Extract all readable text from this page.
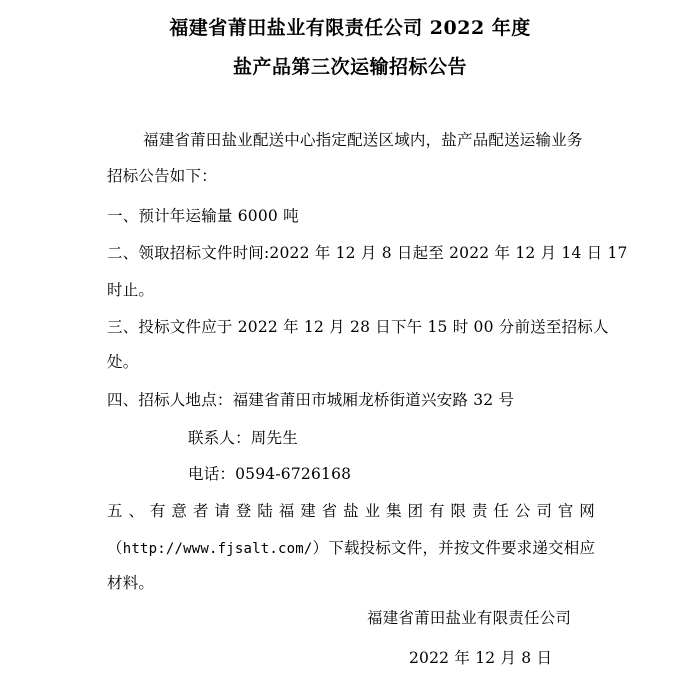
福建省莆田盐业有限责任公司 2022 年度
盐产品第三次运输招标公告
福建省莆田盐业配送中心指定配送区域内，盐产品配送运输业务
招标公告如下：
一、预计年运输量 6000 吨
二、领取招标文件时间:2022 年 12 月 8 日起至 2022 年 12 月 14 日 17
时止。
三、投标文件应于 2022 年 12 月 28 日下午 15 时 00 分前送至招标人
处。
四、招标人地点：福建省莆田市城厢龙桥街道兴安路 32 号
联系人：周先生
电话：0594-6726168
五、有意者请登陆福建省盐业集团有限责任公司官网
（http://www.fjsalt.com/）下载投标文件，并按文件要求递交相应
材料。
福建省莆田盐业有限责任公司
2022 年 12 月 8 日
